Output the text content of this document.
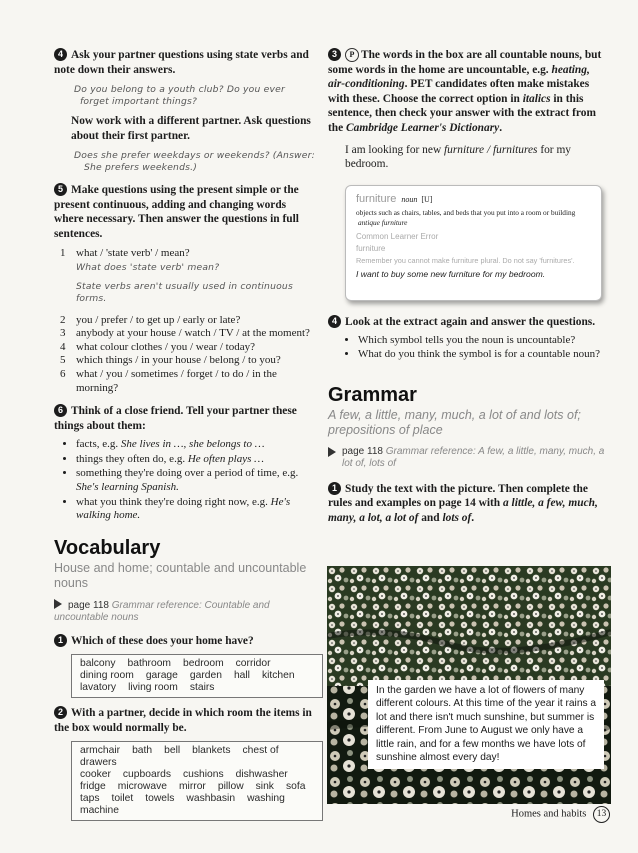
4 Ask your partner questions using state verbs and note down their answers.
Do you belong to a youth club? Do you ever
forget important things?
Now work with a different partner. Ask questions about their first partner.
Does she prefer weekdays or weekends? (Answer:
She prefers weekends.)
5 Make questions using the present simple or the present continuous, adding and changing words where necessary. Then answer the questions in full sentences.
1 what / 'state verb' / mean?
What does 'state verb' mean?
State verbs aren't usually used in continuous
forms.
2 you / prefer / to get up / early or late?
3 anybody at your house / watch / TV / at the moment?
4 what colour clothes / you / wear / today?
5 which things / in your house / belong / to you?
6 what / you / sometimes / forget / to do / in the morning?
6 Think of a close friend. Tell your partner these things about them:
• facts, e.g. She lives in …, she belongs to …
• things they often do, e.g. He often plays …
• something they're doing over a period of time, e.g. She's learning Spanish.
• what you think they're doing right now, e.g. He's walking home.
Vocabulary
House and home; countable and uncountable nouns
page 118 Grammar reference: Countable and uncountable nouns
1 Which of these does your home have?
balcony bathroom bedroom corridor
dining room garage garden hall kitchen
lavatory living room stairs
2 With a partner, decide in which room the items in the box would normally be.
armchair bath bell blankets chest of drawers
cooker cupboards cushions dishwasher
fridge microwave mirror pillow sink sofa
taps toilet towels washbasin washing machine
3 P The words in the box are all countable nouns, but some words in the home are uncountable, e.g. heating, air-conditioning. PET candidates often make mistakes with these. Choose the correct option in italics in this sentence, then check your answer with the extract from the Cambridge Learner's Dictionary.
I am looking for new furniture / furnitures for my bedroom.
furniture noun [U]
objects such as chairs, tables, and beds that you put into a room or building antique furniture
Common Learner Error
furniture
Remember you cannot make furniture plural. Do not say 'furnitures'.
I want to buy some new furniture for my bedroom.
4 Look at the extract again and answer the questions.
• Which symbol tells you the noun is uncountable?
• What do you think the symbol is for a countable noun?
Grammar
A few, a little, many, much, a lot of and lots of; prepositions of place
page 118 Grammar reference: A few, a little, many, much, a lot of, lots of
1 Study the text with the picture. Then complete the rules and examples on page 14 with a little, a few, much, many, a lot, a lot of and lots of.
In the garden we have a lot of flowers of many different colours. At this time of the year it rains a lot and there isn't much sunshine, but summer is different. From June to August we only have a little rain, and for a few months we have lots of sunshine almost every day!
Homes and habits 13
